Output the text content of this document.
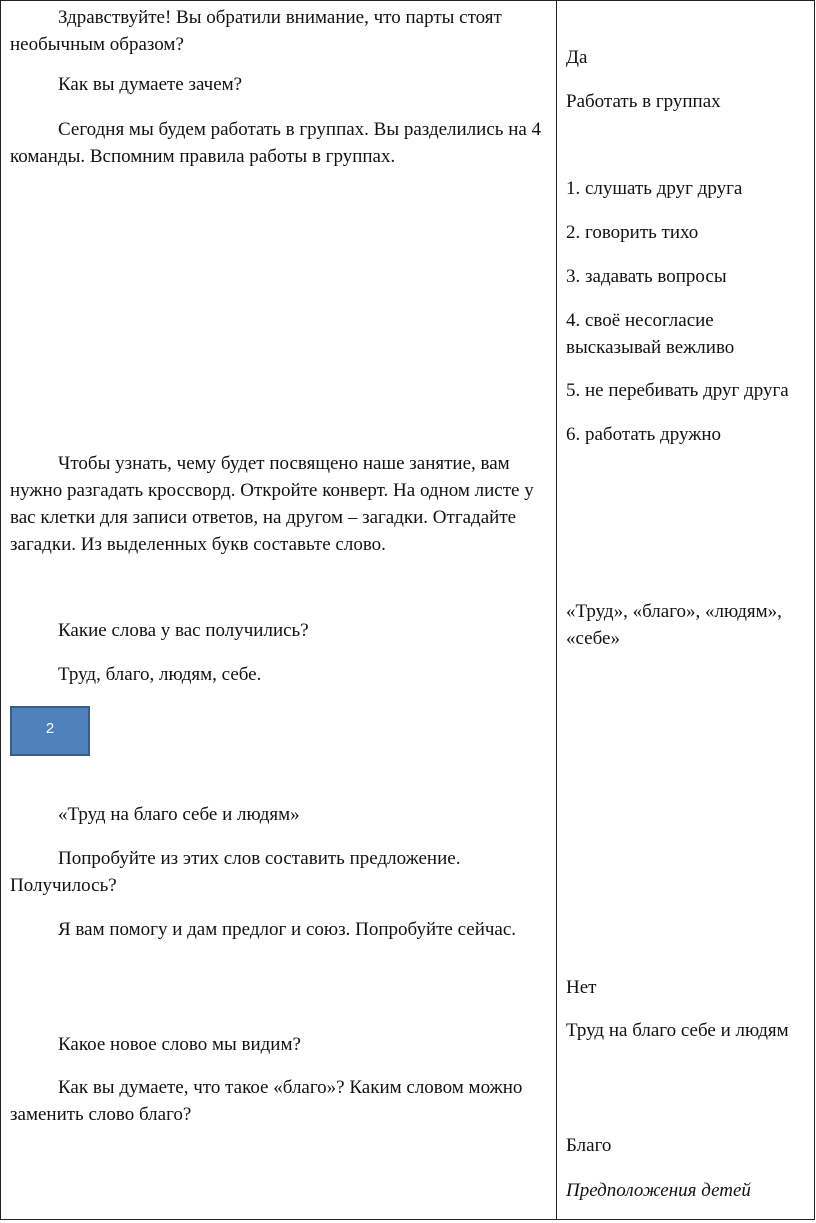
Здравствуйте! Вы обратили внимание, что парты стоят необычным образом?
Как вы думаете зачем?
Сегодня мы будем работать в группах. Вы разделились на 4 команды. Вспомним правила работы в группах.
Чтобы узнать, чему будет посвящено наше занятие, вам нужно разгадать кроссворд. Откройте конверт. На одном листе у вас клетки для записи ответов, на другом – загадки. Отгадайте загадки. Из выделенных букв составьте слово.
Какие слова у вас получились?
Труд, благо, людям, себе.
2
«Труд на благо себе и людям»
Попробуйте из этих слов составить предложение. Получилось?
Я вам помогу и дам предлог и союз. Попробуйте сейчас.
Какое новое слово мы видим?
Как вы думаете, что такое «благо»? Каким словом можно заменить слово благо?
Да
Работать в группах
1. слушать друг друга
2. говорить тихо
3. задавать вопросы
4. своё несогласие высказывай вежливо
5. не перебивать друг друга
6. работать дружно
«Труд», «благо», «людям», «себе»
Нет
Труд на благо себе и людям
Благо
Предположения детей
